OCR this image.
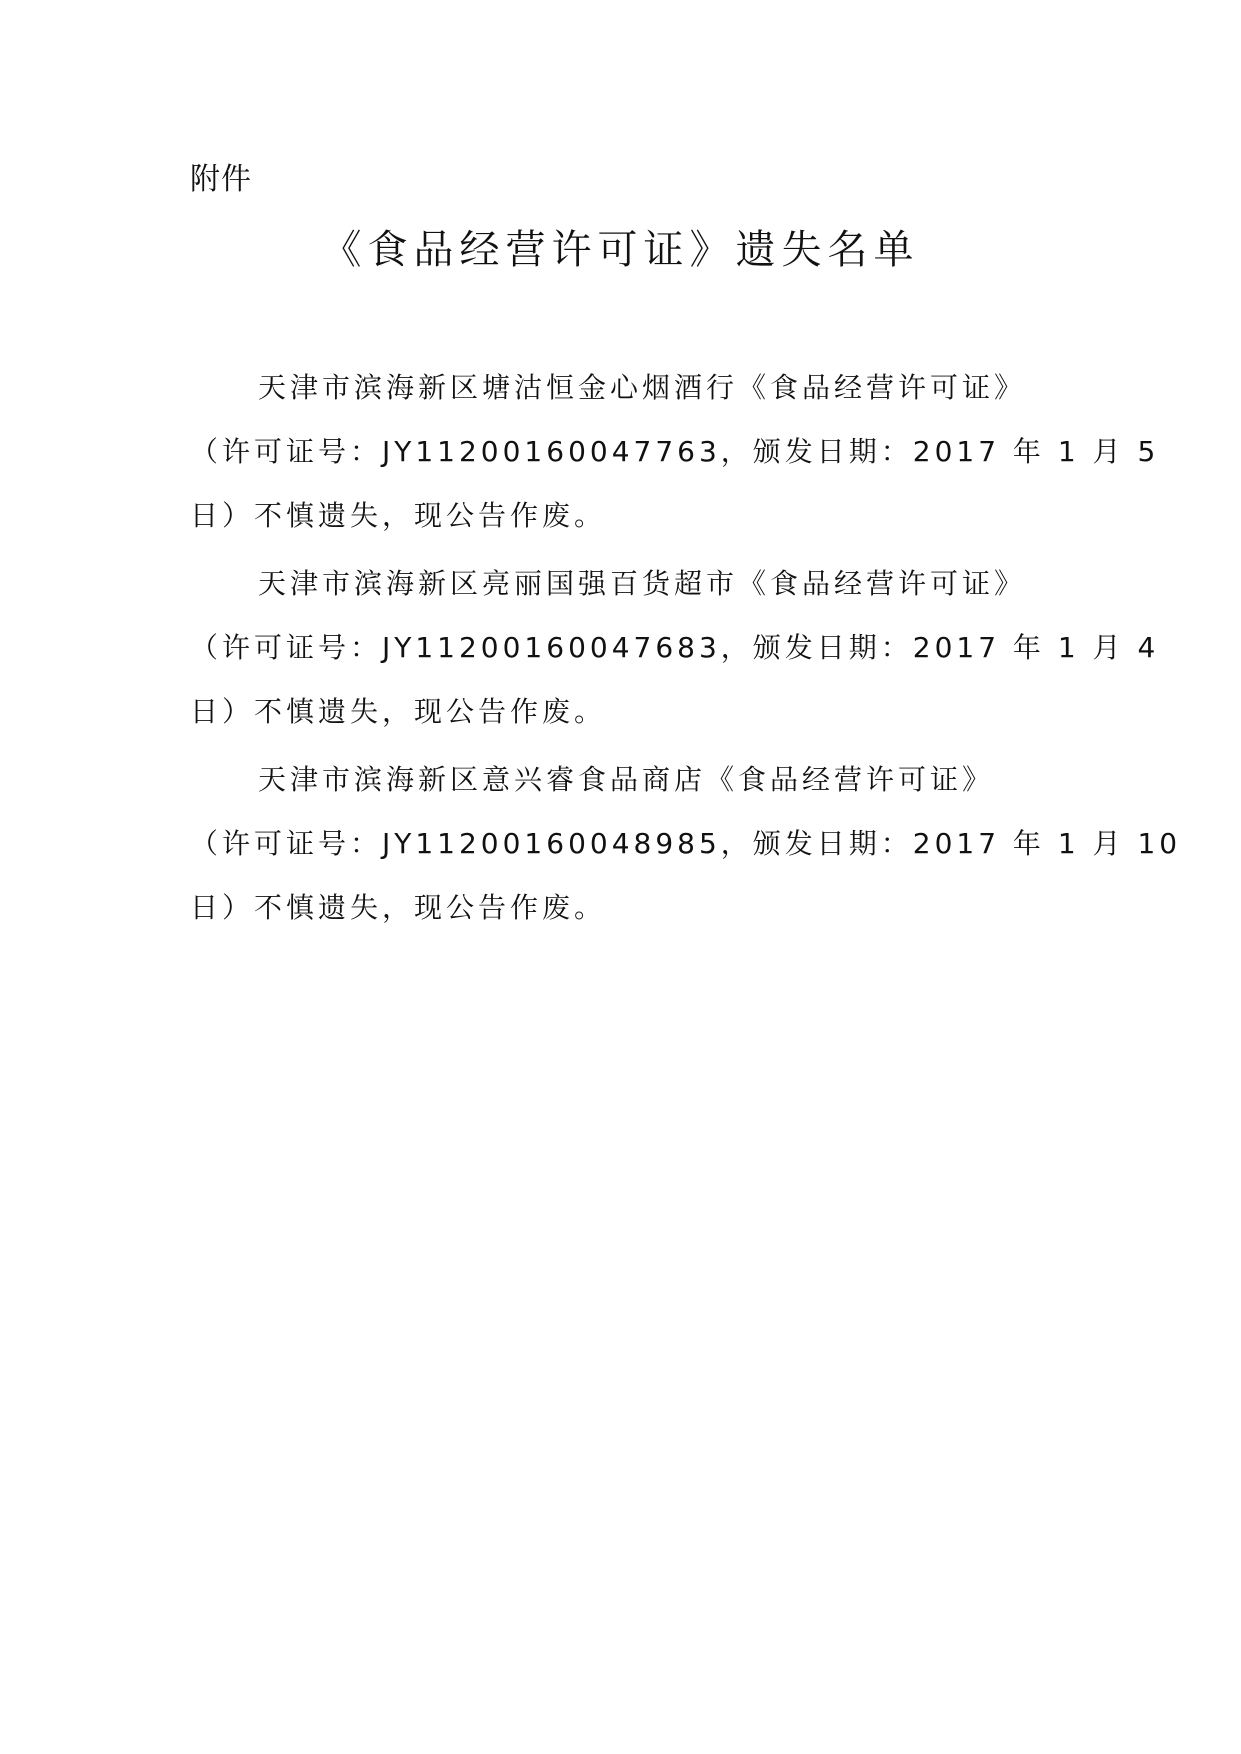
附件
《食品经营许可证》遗失名单
天津市滨海新区塘沽恒金心烟酒行《食品经营许可证》
（许可证号：JY11200160047763，颁发日期：2017 年 1 月 5
日）不慎遗失，现公告作废。
天津市滨海新区亮丽国强百货超市《食品经营许可证》
（许可证号：JY11200160047683，颁发日期：2017 年 1 月 4
日）不慎遗失，现公告作废。
天津市滨海新区意兴睿食品商店《食品经营许可证》
（许可证号：JY11200160048985，颁发日期：2017 年 1 月 10
日）不慎遗失，现公告作废。
